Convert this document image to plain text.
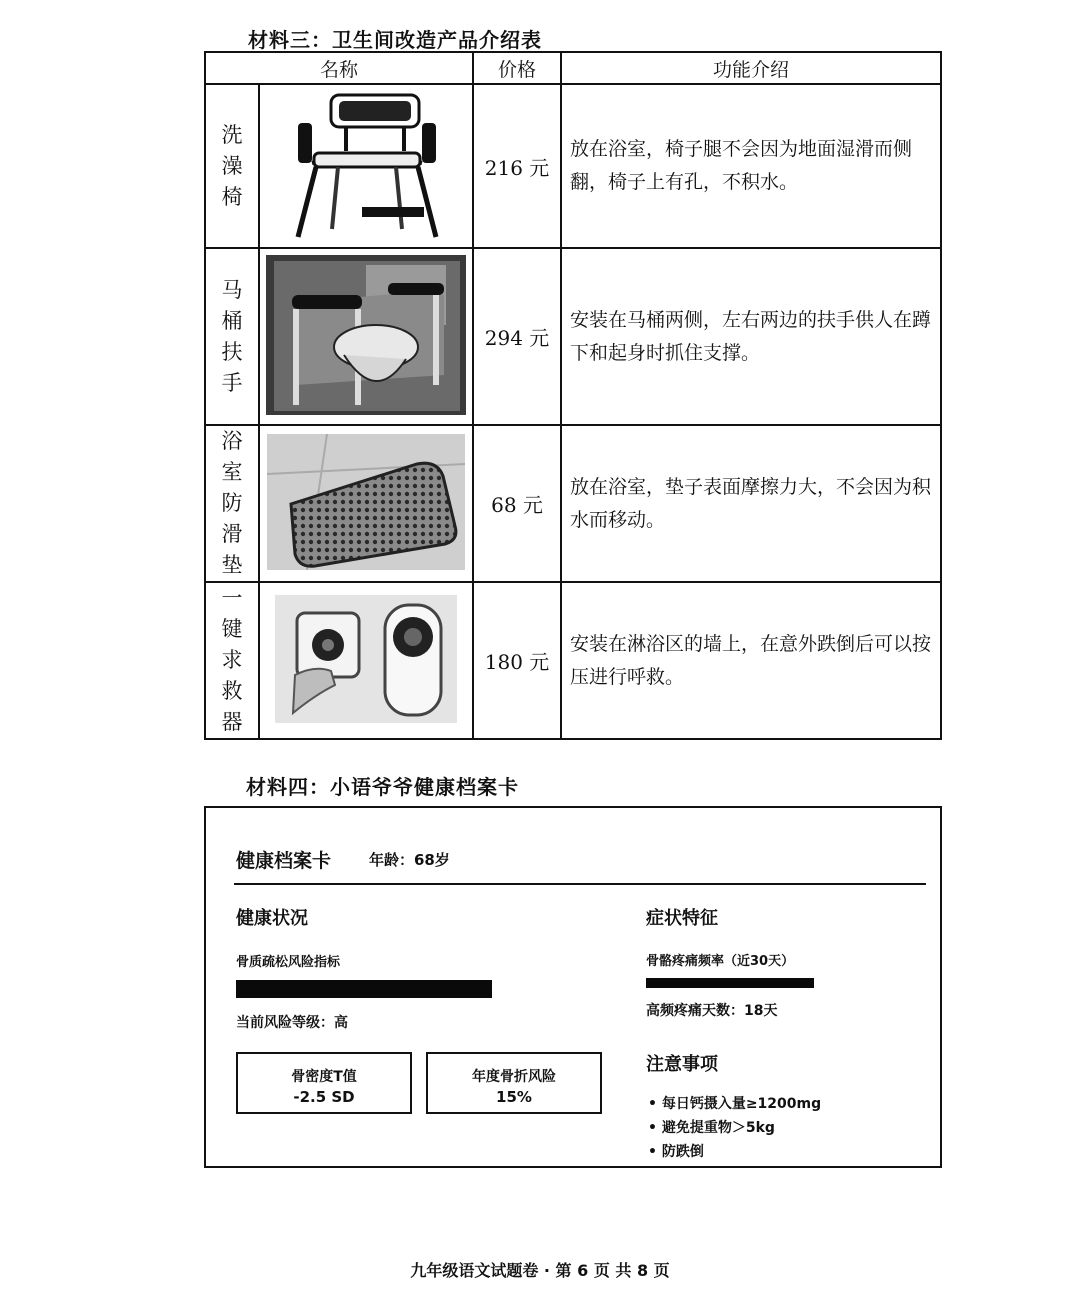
材料三：卫生间改造产品介绍表
名称		价格	功能介绍

洗澡椅		216 元	放在浴室，椅子腿不会因为地面湿滑而侧翻，椅子上有孔，不积水。

马桶扶手		294 元	安装在马桶两侧，左右两边的扶手供人在蹲下和起身时抓住支撑。

浴室防滑垫		68 元	放在浴室，垫子表面摩擦力大，不会因为积水而移动。

一键求救器		180 元	安装在淋浴区的墙上，在意外跌倒后可以按压进行呼救。
材料四：小语爷爷健康档案卡
健康档案卡	年龄：68岁
健康状况
骨质疏松风险指标
当前风险等级：高
骨密度T值
-2.5 SD
年度骨折风险
15%
症状特征
骨骼疼痛频率（近30天）
高频疼痛天数：18天
注意事项
• 每日钙摄入量≥1200mg
• 避免提重物＞5kg
• 防跌倒
九年级语文试题卷 · 第 6 页 共 8 页
